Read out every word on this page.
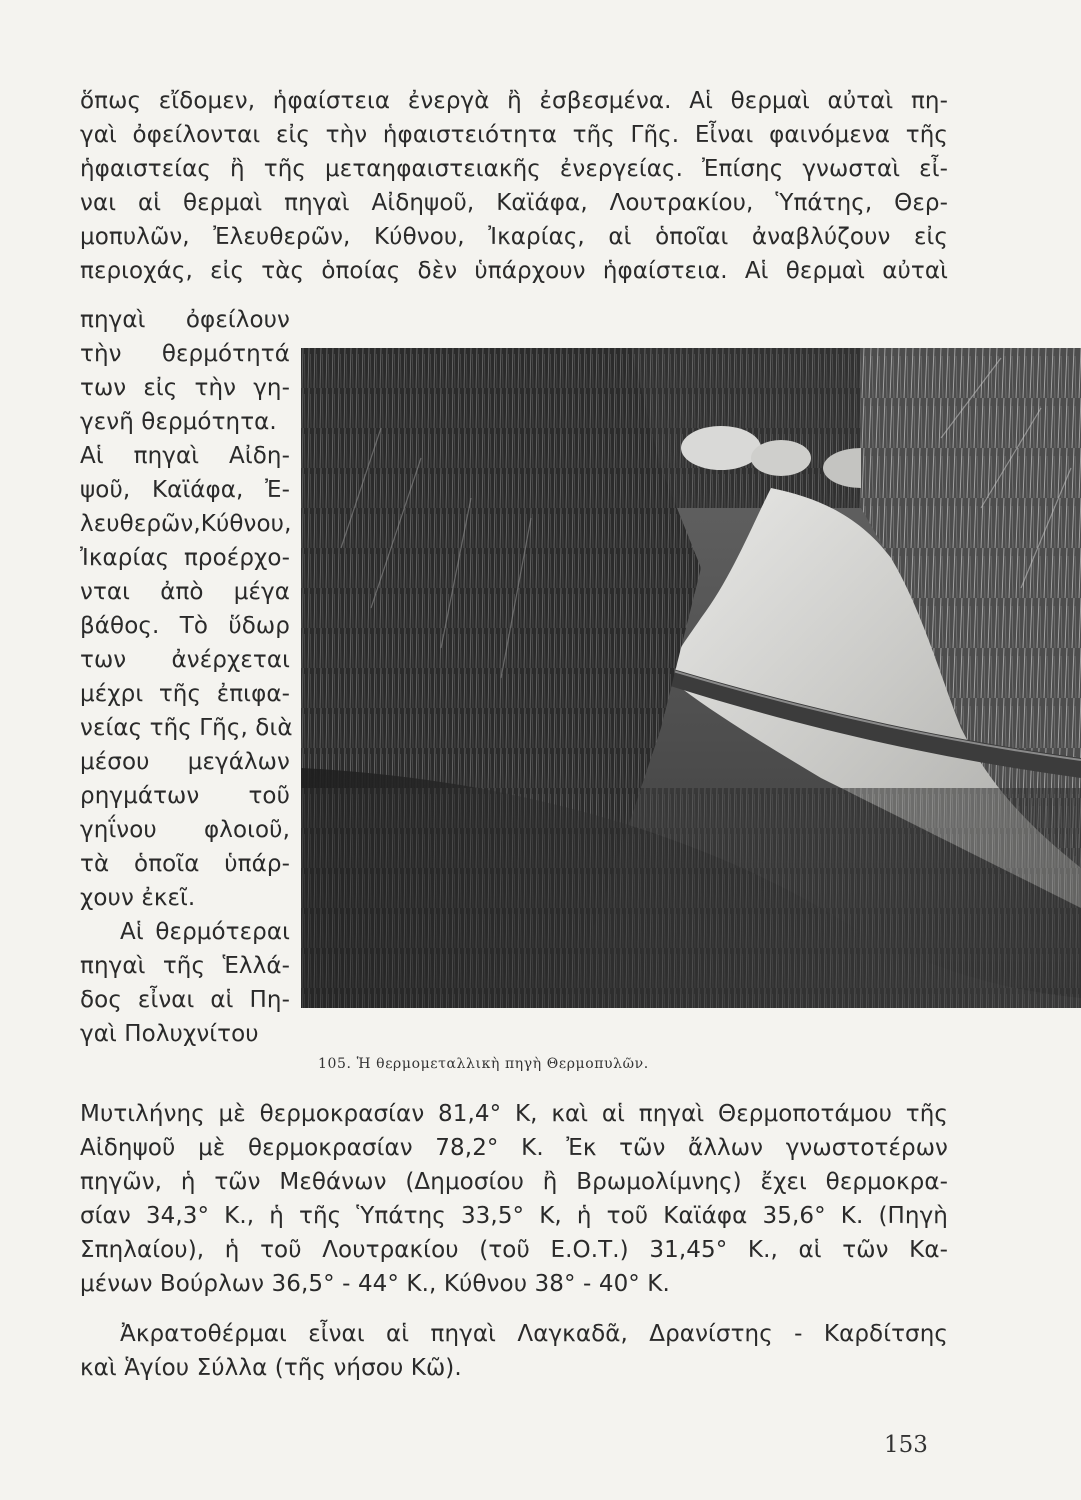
ὅπως εἴδομεν, ἡφαίστεια ἐνεργὰ ἢ ἐσβεσμένα. Αἱ θερμαὶ αὐταὶ πη-
γαὶ ὀφείλονται εἰς τὴν ἡφαιστειότητα τῆς Γῆς. Εἶναι φαινόμενα τῆς
ἡφαιστείας ἢ τῆς μεταηφαιστειακῆς ἐνεργείας. Ἐπίσης γνωσταὶ εἶ-
ναι αἱ θερμαὶ πηγαὶ Αἰδηψοῦ, Καϊάφα, Λουτρακίου, Ὑπάτης, Θερ-
μοπυλῶν, Ἐλευθερῶν, Κύθνου, Ἰκαρίας, αἱ ὁποῖαι ἀναβλύζουν εἰς
περιοχάς, εἰς τὰς ὁποίας δὲν ὑπάρχουν ἡφαίστεια. Αἱ θερμαὶ αὐταὶ
πηγαὶ ὀφείλουν
τὴν θερμότητά
των εἰς τὴν γη-
γενῆ θερμότητα.
Αἱ πηγαὶ Αἰδη-
ψοῦ, Καϊάφα, Ἐ-
λευθερῶν,Κύθνου,
Ἰκαρίας προέρχο-
νται ἀπὸ μέγα
βάθος. Τὸ ὕδωρ
των ἀνέρχεται
μέχρι τῆς ἐπιφα-
νείας τῆς Γῆς, διὰ
μέσου μεγάλων
ρηγμάτων τοῦ
γηΐνου φλοιοῦ,
τὰ ὁποῖα ὑπάρ-
χουν ἐκεῖ.
Αἱ θερμότεραι
πηγαὶ τῆς Ἑλλά-
δος εἶναι αἱ Πη-
γαὶ Πολυχνίτου
105. Ἡ θερμομεταλλικὴ πηγὴ Θερμοπυλῶν.
Μυτιλήνης μὲ θερμοκρασίαν 81,4° Κ, καὶ αἱ πηγαὶ Θερμοποτάμου τῆς
Αἰδηψοῦ μὲ θερμοκρασίαν 78,2° Κ. Ἐκ τῶν ἄλλων γνωστοτέρων
πηγῶν, ἡ τῶν Μεθάνων (Δημοσίου ἢ Βρωμολίμνης) ἔχει θερμοκρα-
σίαν 34,3° Κ., ἡ τῆς Ὑπάτης 33,5° Κ, ἡ τοῦ Καϊάφα 35,6° Κ. (Πηγὴ
Σπηλαίου), ἡ τοῦ Λουτρακίου (τοῦ Ε.Ο.Τ.) 31,45° Κ., αἱ τῶν Κα-
μένων Βούρλων 36,5° - 44° Κ., Κύθνου 38° - 40° Κ.
Ἀκρατοθέρμαι εἶναι αἱ πηγαὶ Λαγκαδᾶ, Δρανίστης - Καρδίτσης
καὶ Ἁγίου Σύλλα (τῆς νήσου Κῶ).
153
